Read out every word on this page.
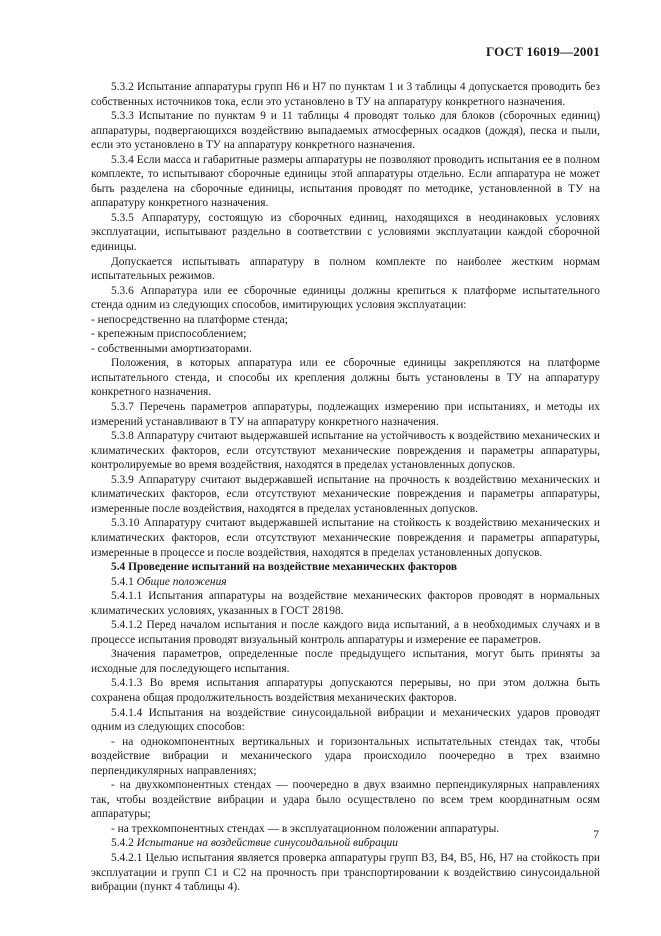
ГОСТ 16019—2001

5.3.2 Испытание аппаратуры групп Н6 и Н7 по пунктам 1 и 3 таблицы 4 допускается проводить без собственных источников тока, если это установлено в ТУ на аппаратуру конкретного назначения.

5.3.3 Испытание по пунктам 9 и 11 таблицы 4 проводят только для блоков (сборочных единиц) аппаратуры, подвергающихся воздействию выпадаемых атмосферных осадков (дождя), песка и пыли, если это установлено в ТУ на аппаратуру конкретного назначения.

5.3.4 Если масса и габаритные размеры аппаратуры не позволяют проводить испытания ее в полном комплекте, то испытывают сборочные единицы этой аппаратуры отдельно. Если аппаратура не может быть разделена на сборочные единицы, испытания проводят по методике, установленной в ТУ на аппаратуру конкретного назначения.

5.3.5 Аппаратуру, состоящую из сборочных единиц, находящихся в неодинаковых условиях эксплуатации, испытывают раздельно в соответствии с условиями эксплуатации каждой сборочной единицы.

Допускается испытывать аппаратуру в полном комплекте по наиболее жестким нормам испытательных режимов.

5.3.6 Аппаратура или ее сборочные единицы должны крепиться к платформе испытательного стенда одним из следующих способов, имитирующих условия эксплуатации:

- непосредственно на платформе стенда;

- крепежным приспособлением;

- собственными амортизаторами.

Положения, в которых аппаратура или ее сборочные единицы закрепляются на платформе испытательного стенда, и способы их крепления должны быть установлены в ТУ на аппаратуру конкретного назначения.

5.3.7 Перечень параметров аппаратуры, подлежащих измерению при испытаниях, и методы их измерений устанавливают в ТУ на аппаратуру конкретного назначения.

5.3.8 Аппаратуру считают выдержавшей испытание на устойчивость к воздействию механических и климатических факторов, если отсутствуют механические повреждения и параметры аппаратуры, контролируемые во время воздействия, находятся в пределах установленных допусков.

5.3.9 Аппаратуру считают выдержавшей испытание на прочность к воздействию механических и климатических факторов, если отсутствуют механические повреждения и параметры аппаратуры, измеренные после воздействия, находятся в пределах установленных допусков.

5.3.10 Аппаратуру считают выдержавшей испытание на стойкость к воздействию механических и климатических факторов, если отсутствуют механические повреждения и параметры аппаратуры, измеренные в процессе и после воздействия, находятся в пределах установленных допусков.

5.4 Проведение испытаний на воздействие механических факторов

5.4.1 Общие положения

5.4.1.1 Испытания аппаратуры на воздействие механических факторов проводят в нормальных климатических условиях, указанных в ГОСТ 28198.

5.4.1.2 Перед началом испытания и после каждого вида испытаний, а в необходимых случаях и в процессе испытания проводят визуальный контроль аппаратуры и измерение ее параметров.

Значения параметров, определенные после предыдущего испытания, могут быть приняты за исходные для последующего испытания.

5.4.1.3 Во время испытания аппаратуры допускаются перерывы, но при этом должна быть сохранена общая продолжительность воздействия механических факторов.

5.4.1.4 Испытания на воздействие синусоидальной вибрации и механических ударов проводят одним из следующих способов:

- на однокомпонентных вертикальных и горизонтальных испытательных стендах так, чтобы воздействие вибрации и механического удара происходило поочередно в трех взаимно перпендикулярных направлениях;

- на двухкомпонентных стендах — поочередно в двух взаимно перпендикулярных направлениях так, чтобы воздействие вибрации и удара было осуществлено по всем трем координатным осям аппаратуры;

- на трехкомпонентных стендах — в эксплуатационном положении аппаратуры.

5.4.2 Испытание на воздействие синусоидальной вибрации

5.4.2.1 Целью испытания является проверка аппаратуры групп В3, В4, В5, Н6, Н7 на стойкость при эксплуатации и групп С1 и С2 на прочность при транспортировании к воздействию синусоидальной вибрации (пункт 4 таблицы 4).

7
